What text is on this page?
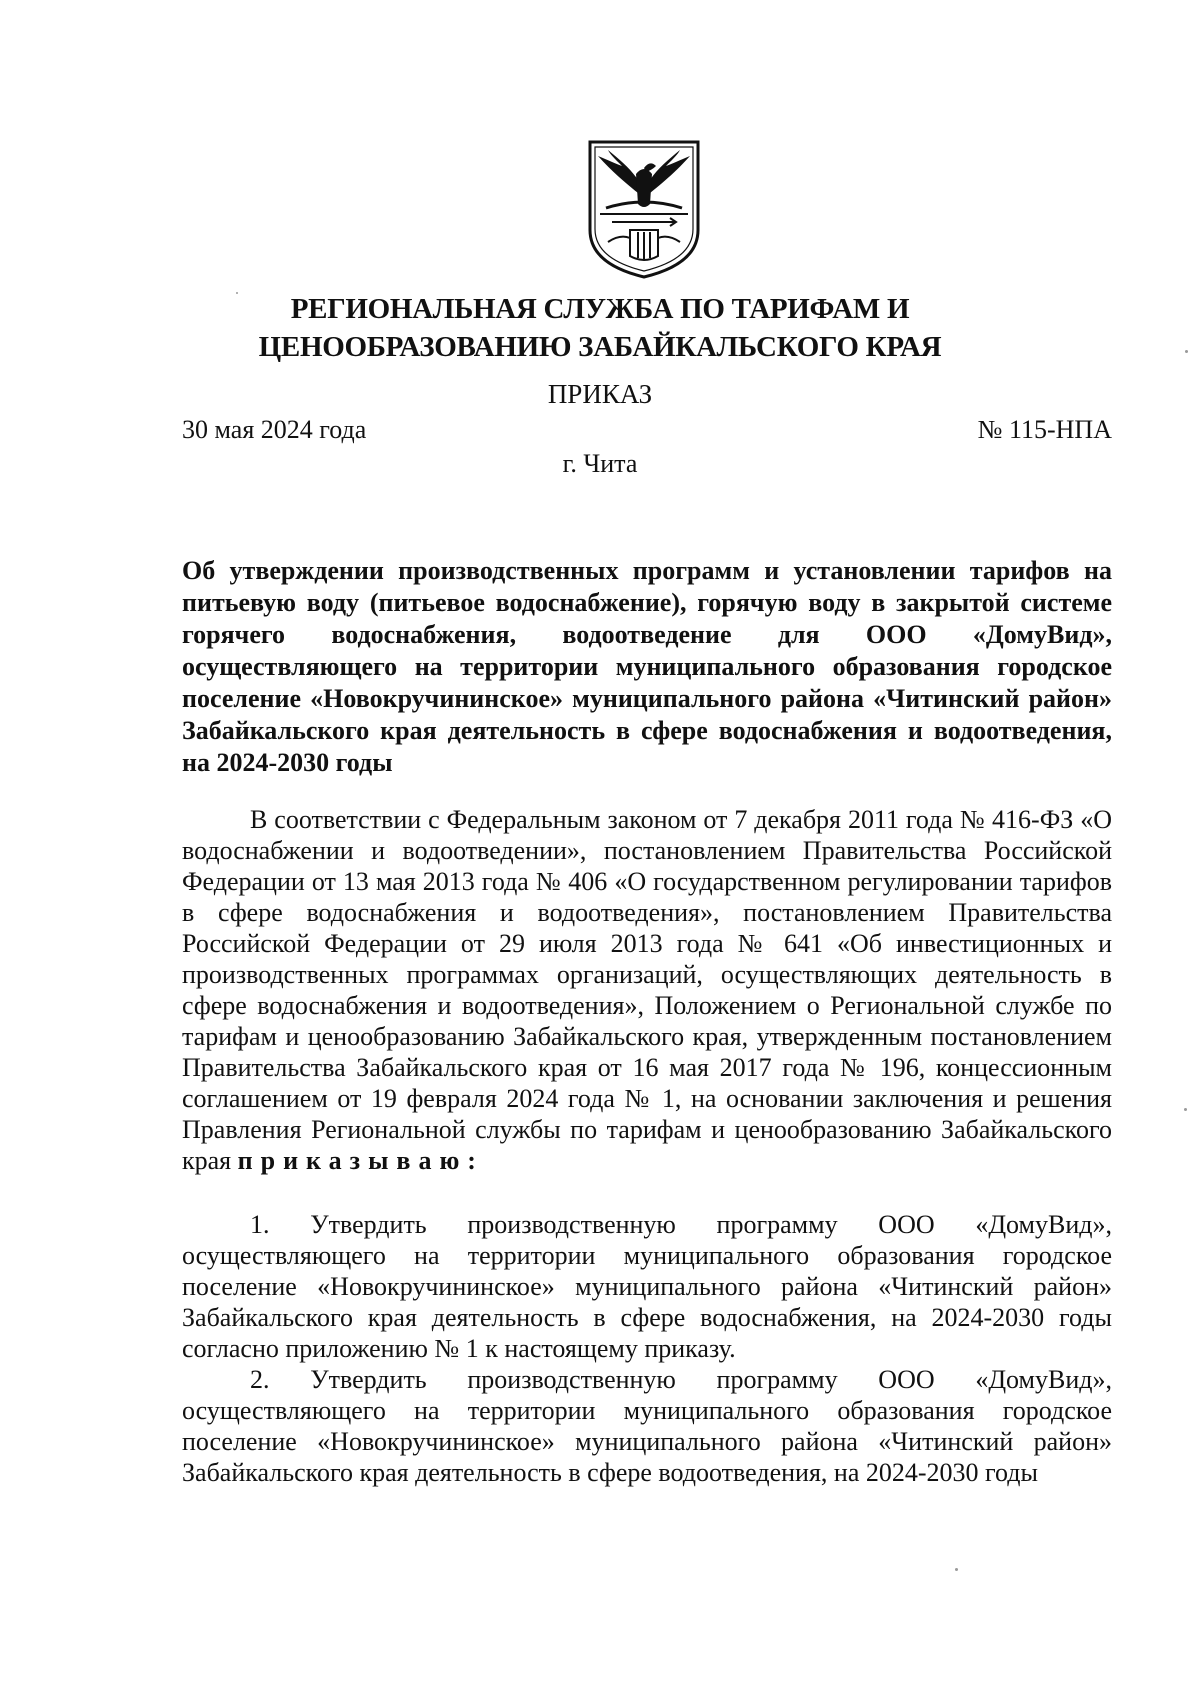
РЕГИОНАЛЬНАЯ СЛУЖБА ПО ТАРИФАМ И
ЦЕНООБРАЗОВАНИЮ ЗАБАЙКАЛЬСКОГО КРАЯ
ПРИКАЗ
30 мая 2024 года	№ 115-НПА
г. Чита
Об утверждении производственных программ и установлении тарифов на питьевую воду (питьевое водоснабжение), горячую воду в закрытой системе горячего водоснабжения, водоотведение для ООО «ДомуВид», осуществляющего на территории муниципального образования городское поселение «Новокручининское» муниципального района «Читинский район» Забайкальского края деятельность в сфере водоснабжения и водоотведения, на 2024-2030 годы

В соответствии с Федеральным законом от 7 декабря 2011 года № 416-ФЗ «О водоснабжении и водоотведении», постановлением Правительства Российской Федерации от 13 мая 2013 года № 406 «О государственном регулировании тарифов в сфере водоснабжения и водоотведения», постановлением Правительства Российской Федерации от 29 июля 2013 года № 641 «Об инвестиционных и производственных программах организаций, осуществляющих деятельность в сфере водоснабжения и водоотведения», Положением о Региональной службе по тарифам и ценообразованию Забайкальского края, утвержденным постановлением Правительства Забайкальского края от 16 мая 2017 года № 196, концессионным соглашением от 19 февраля 2024 года № 1, на основании заключения и решения Правления Региональной службы по тарифам и ценообразованию Забайкальского края приказываю:

1. Утвердить производственную программу ООО «ДомуВид», осуществляющего на территории муниципального образования городское поселение «Новокручининское» муниципального района «Читинский район» Забайкальского края деятельность в сфере водоснабжения, на 2024-2030 годы согласно приложению № 1 к настоящему приказу.

2. Утвердить производственную программу ООО «ДомуВид», осуществляющего на территории муниципального образования городское поселение «Новокручининское» муниципального района «Читинский район» Забайкальского края деятельность в сфере водоотведения, на 2024-2030 годы
